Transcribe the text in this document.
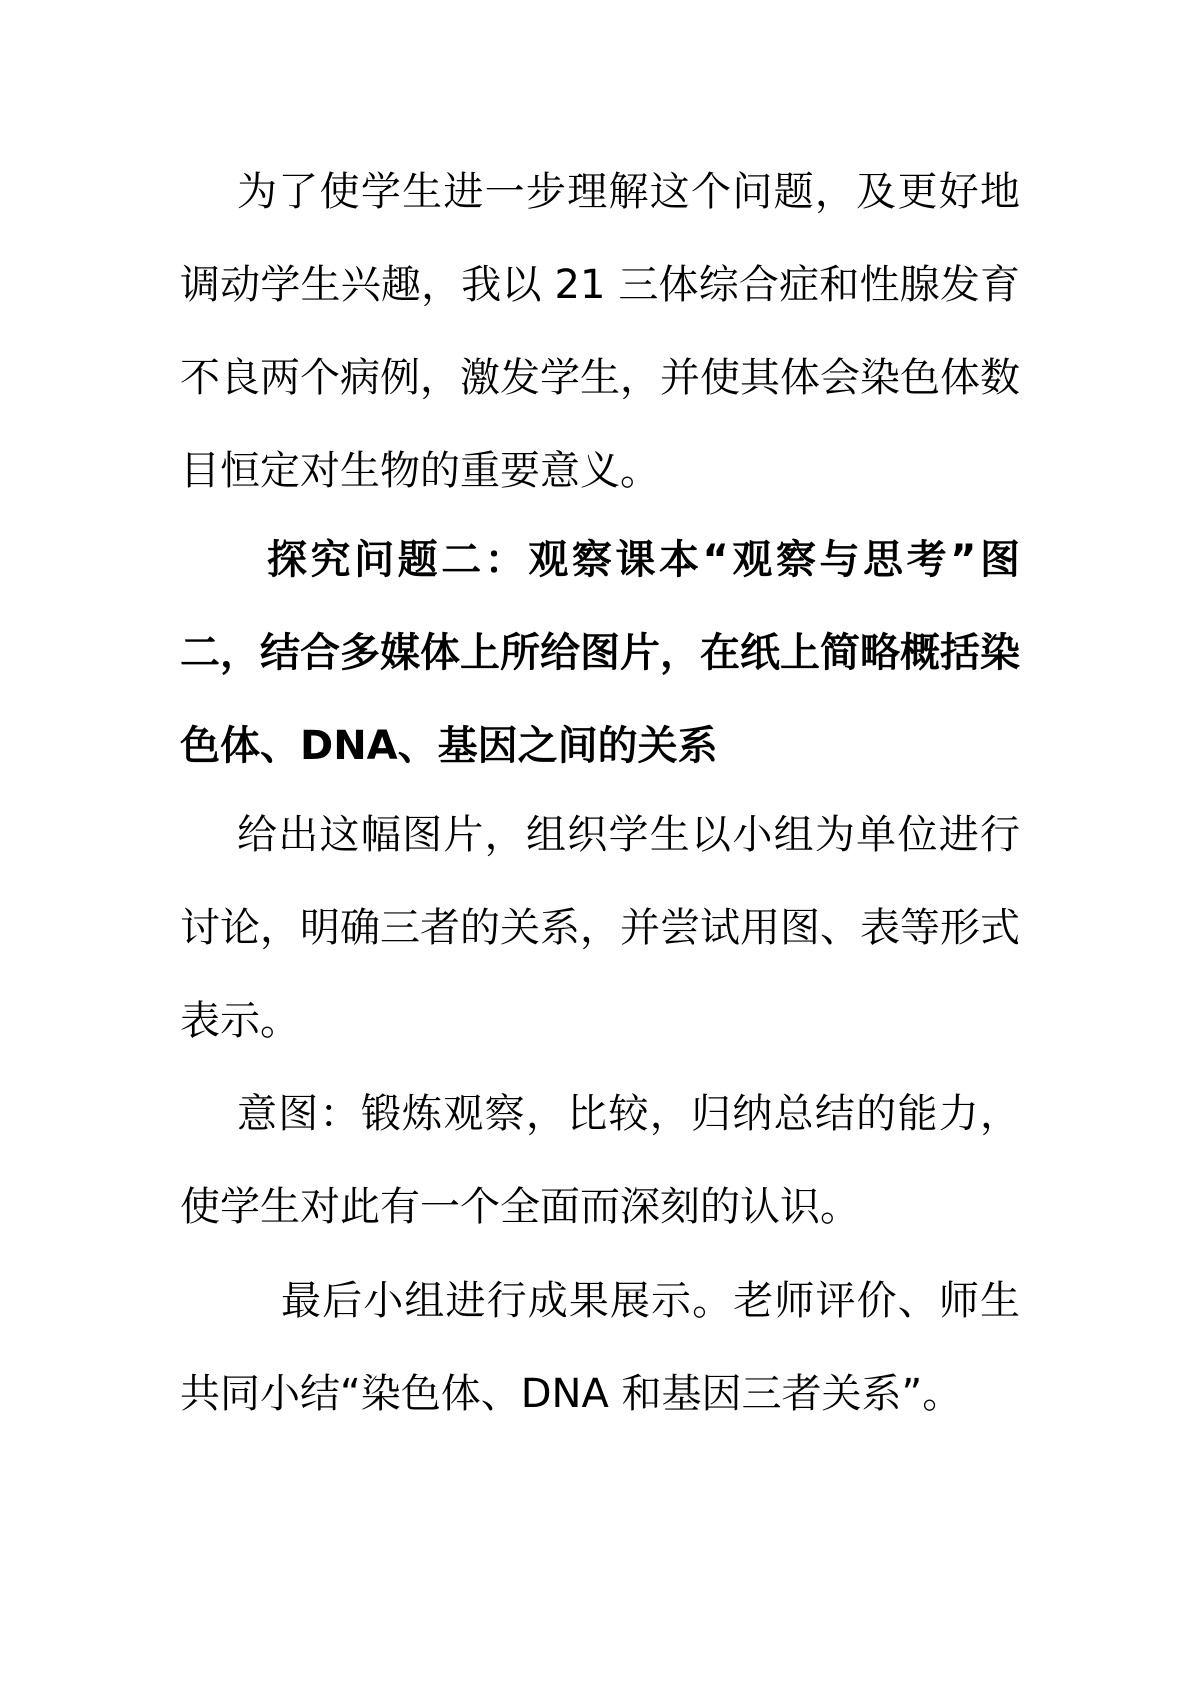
为了使学生进一步理解这个问题，及更好地调动学生兴趣，我以 21 三体综合症和性腺发育不良两个病例，激发学生，并使其体会染色体数目恒定对生物的重要意义。

探究问题二：观察课本“观察与思考”图二，结合多媒体上所给图片，在纸上简略概括染色体、DNA、基因之间的关系

给出这幅图片，组织学生以小组为单位进行讨论，明确三者的关系，并尝试用图、表等形式表示。

意图：锻炼观察，比较，归纳总结的能力，使学生对此有一个全面而深刻的认识。

最后小组进行成果展示。老师评价、师生共同小结“染色体、DNA 和基因三者关系”。
